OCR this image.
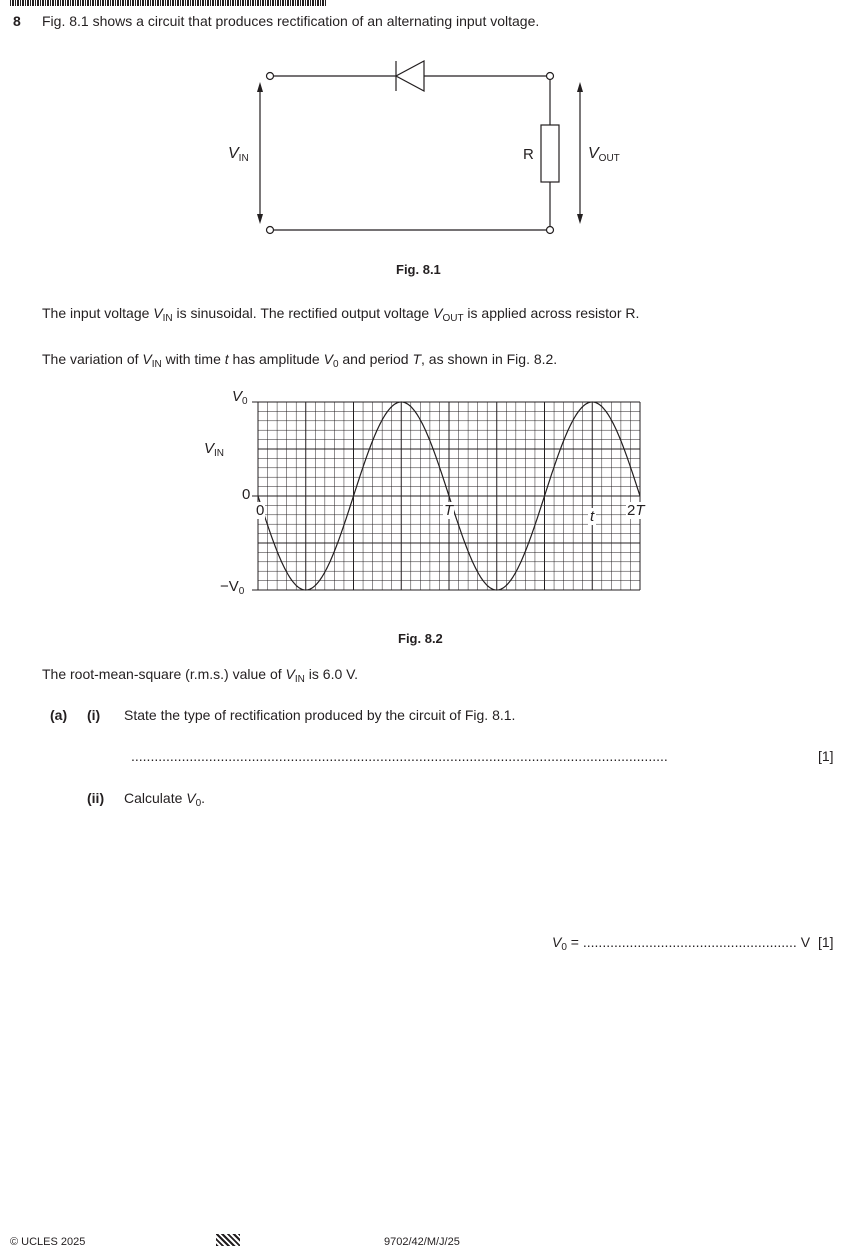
8 Fig. 8.1 shows a circuit that produces rectification of an alternating input voltage.
$V_{IN}$	R	$V_{OUT}$
Fig. 8.1
The input voltage $V_{IN}$ is sinusoidal. The rectified output voltage $V_{OUT}$ is applied across resistor R.
The variation of $V_{IN}$ with time t has amplitude $V_0$ and period T, as shown in Fig. 8.2.
$V_0$
$V_{IN}$
0
$-V_0$
0	T	t 2T
Fig. 8.2
The root-mean-square (r.m.s.) value of $V_{IN}$ is 6.0 V.
(a) (i) State the type of rectification produced by the circuit of Fig. 8.1.
..........................................................................................................................................	[1]
(ii) Calculate $V_0$.
$V_0$ = ....................................................... V [1]
© UCLES 2025	9702/42/M/J/25
